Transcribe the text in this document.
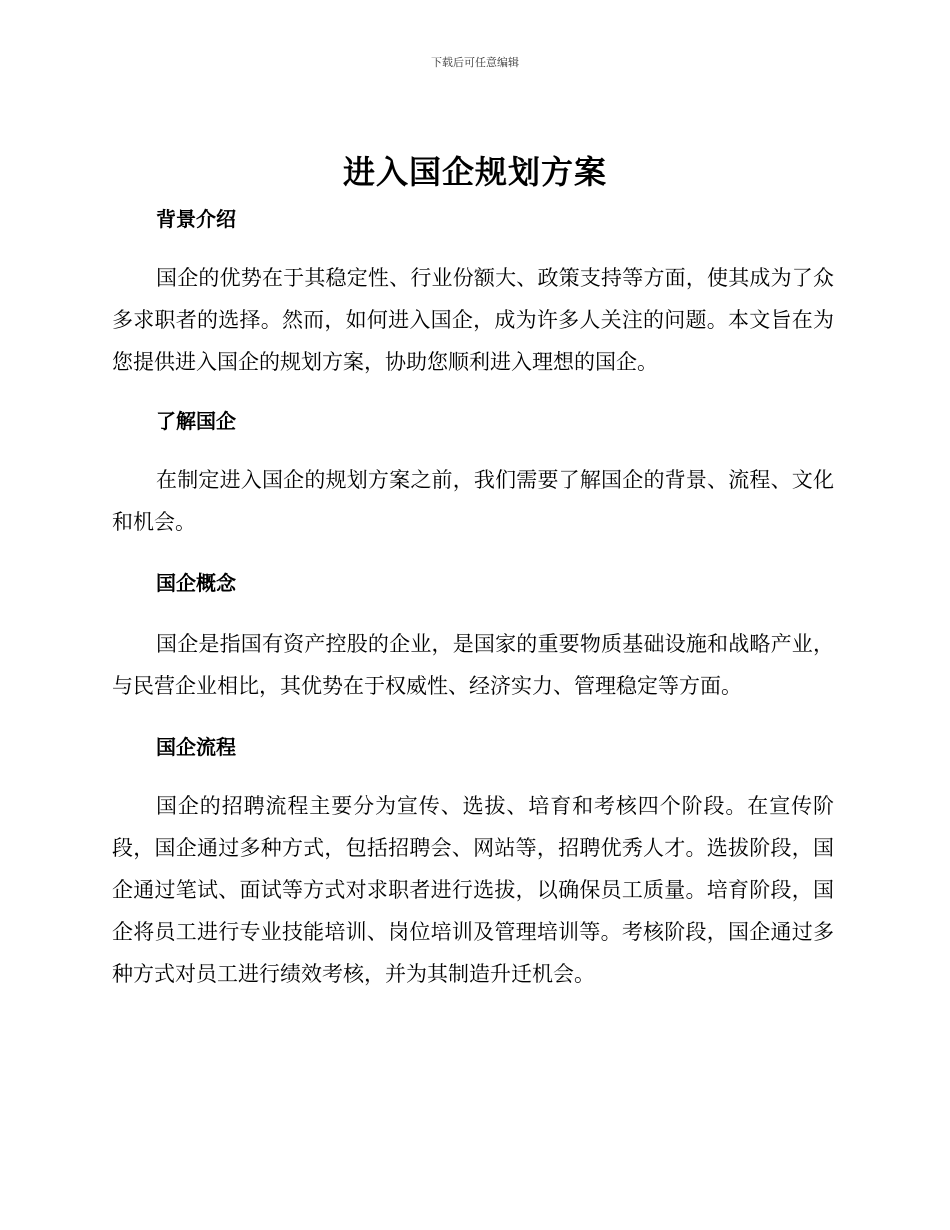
下载后可任意编辑
进入国企规划方案
背景介绍

国企的优势在于其稳定性、行业份额大、政策支持等方面，使其成为了众多求职者的选择。然而，如何进入国企，成为许多人关注的问题。本文旨在为您提供进入国企的规划方案，协助您顺利进入理想的国企。

了解国企

在制定进入国企的规划方案之前，我们需要了解国企的背景、流程、文化和机会。

国企概念

国企是指国有资产控股的企业，是国家的重要物质基础设施和战略产业，与民营企业相比，其优势在于权威性、经济实力、管理稳定等方面。

国企流程

国企的招聘流程主要分为宣传、选拔、培育和考核四个阶段。在宣传阶段，国企通过多种方式，包括招聘会、网站等，招聘优秀人才。选拔阶段，国企通过笔试、面试等方式对求职者进行选拔，以确保员工质量。培育阶段，国企将员工进行专业技能培训、岗位培训及管理培训等。考核阶段，国企通过多种方式对员工进行绩效考核，并为其制造升迁机会。
